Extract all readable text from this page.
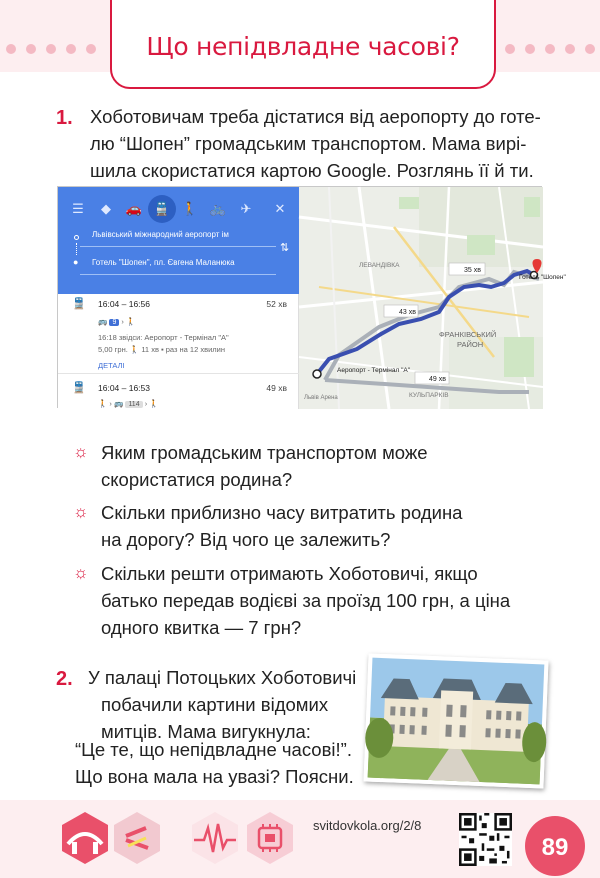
Що непідвладне часові?
1. Хоботовичам треба дістатися від аеропорту до готе-
лю “Шопен” громадським транспортом. Мама вирі-
шила скористатися картою Google. Розглянь її й ти.
☰	◆	🚗 🚆 🚶 🚲	✈	✕
●
Львівський міжнародний аеропорт ім
Готель "Шопен", пл. Євгена Маланюка
⇅
🚆 16:04 – 16:56	52 хв
🚌 9 › 🚶
16:18 звідси: Аеропорт - Термінал "А"
5,00 грн. 🚶 11 хв ▪ раз на 12 хвилин
ДЕТАЛІ
🚆 16:04 – 16:53	49 хв
🚶 › 🚌 114 › 🚶
Готель "Шопен"
Аеропорт - Термінал "А"
35 хв
43 хв
49 хв
ФРАНКІВСЬКИЙ
РАЙОН
ЛЕВАНДІВКА
КУЛЬПАРКІВ
Львів Арена
☼ Яким громадським транспортом може
скористатися родина?
☼ Скільки приблизно часу витратить родина
на дорогу? Від чого це залежить?
☼ Скільки решти отримають Хоботовичі, якщо
батько передав водієві за проїзд 100 грн, а ціна
одного квитка — 7 грн?
2. У палаці Потоцьких Хоботовичі
побачили картини відомих
митців. Мама вигукнула:
“Це те, що непідвладне часові!”.
Що вона мала на увазі? Поясни.
svitdovkola.org/2/8
89
